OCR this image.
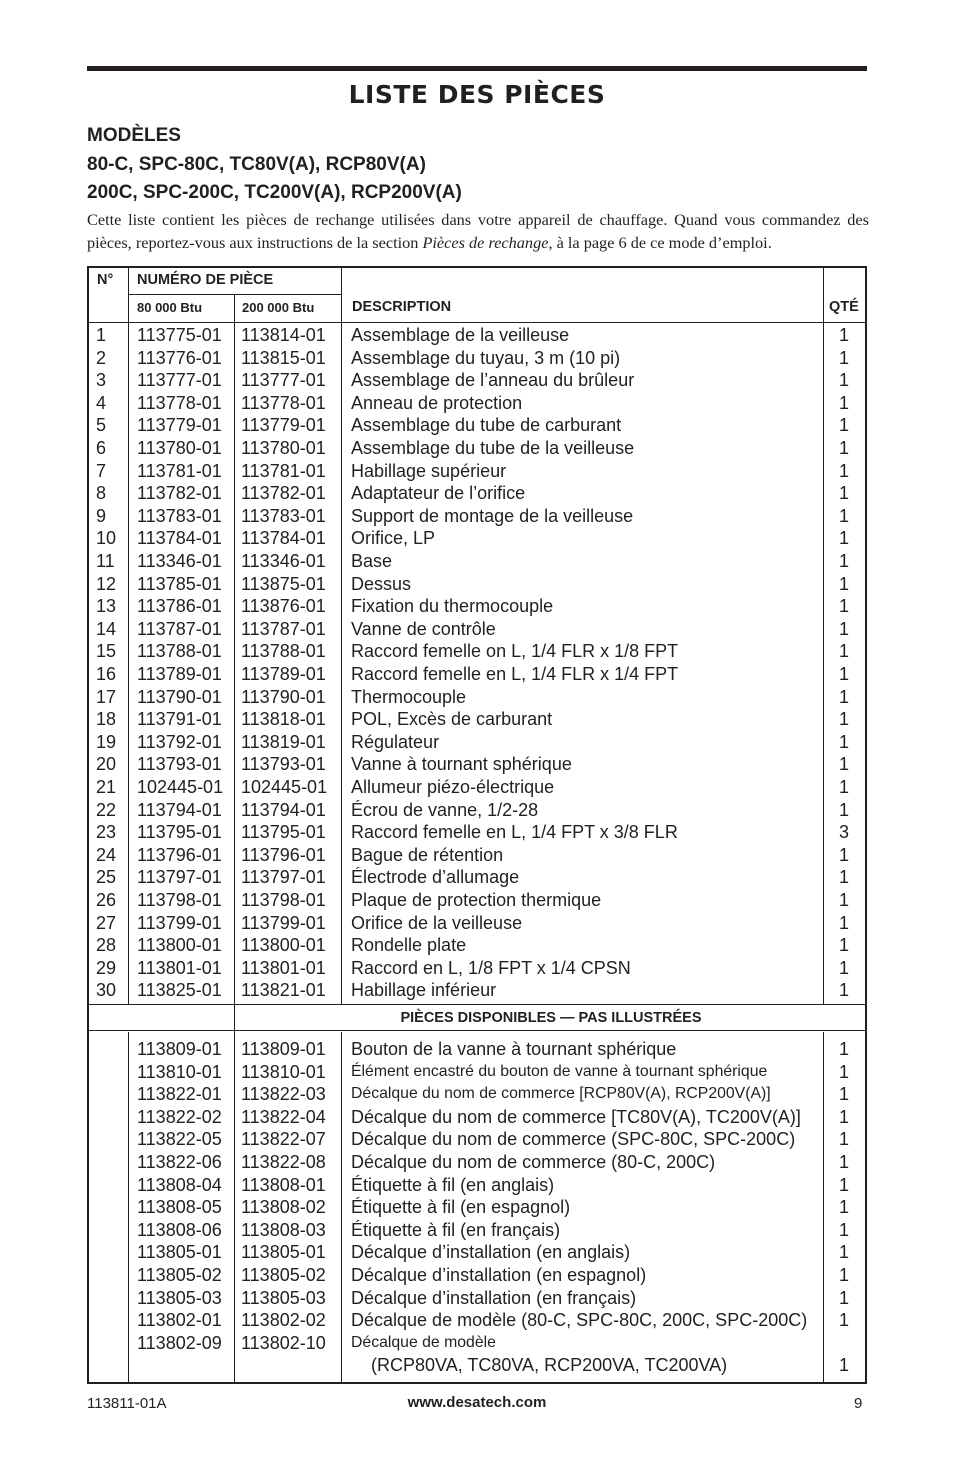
LISTE DES PIÈCES
MODÈLES
80-C, SPC-80C, TC80V(A), RCP80V(A)
200C, SPC-200C, TC200V(A), RCP200V(A)
Cette liste contient les pièces de rechange utilisées dans votre appareil de chauffage. Quand vous commandez des pièces, reportez-vous aux instructions de la section Pièces de rechange, à la page 6 de ce mode d’emploi.
N° NUMÉRO DE PIÈCE
80 000 Btu	200 000 Btu	DESCRIPTION	QTÉ
1 113775-01 113814-01 Assemblage de la veilleuse	1
2 113776-01 113815-01 Assemblage du tuyau, 3 m (10 pi)	1
3 113777-01 113777-01 Assemblage de l’anneau du brûleur	1
4 113778-01 113778-01 Anneau de protection	1
5 113779-01 113779-01 Assemblage du tube de carburant	1
6 113780-01 113780-01 Assemblage du tube de la veilleuse	1
7 113781-01 113781-01 Habillage supérieur	1
8 113782-01 113782-01 Adaptateur de l’orifice	1
9 113783-01 113783-01 Support de montage de la veilleuse	1
10 113784-01 113784-01 Orifice, LP	1
11 113346-01 113346-01 Base	1
12 113785-01 113875-01 Dessus	1
13 113786-01 113876-01 Fixation du thermocouple	1
14 113787-01 113787-01 Vanne de contrôle	1
15 113788-01 113788-01 Raccord femelle on L, 1/4 FLR x 1/8 FPT	1
16 113789-01 113789-01 Raccord femelle en L, 1/4 FLR x 1/4 FPT	1
17 113790-01 113790-01 Thermocouple	1
18 113791-01 113818-01 POL, Excès de carburant	1
19 113792-01 113819-01 Régulateur	1
20 113793-01 113793-01 Vanne à tournant sphérique	1
21 102445-01 102445-01 Allumeur piézo-électrique	1
22 113794-01 113794-01 Écrou de vanne, 1/2-28	1
23 113795-01 113795-01 Raccord femelle en L, 1/4 FPT x 3/8 FLR	3
24 113796-01 113796-01 Bague de rétention	1
25 113797-01 113797-01 Électrode d’allumage	1
26 113798-01 113798-01 Plaque de protection thermique	1
27 113799-01 113799-01 Orifice de la veilleuse	1
28 113800-01 113800-01 Rondelle plate	1
29 113801-01 113801-01 Raccord en L, 1/8 FPT x 1/4 CPSN	1
30 113825-01 113821-01 Habillage inférieur	1
PIÈCES DISPONIBLES — PAS ILLUSTRÉES
113809-01 113809-01 Bouton de la vanne à tournant sphérique	1
113810-01 113810-01 Élément encastré du bouton de vanne à tournant sphérique	1
113822-01 113822-03 Décalque du nom de commerce [RCP80V(A), RCP200V(A)]	1
113822-02 113822-04 Décalque du nom de commerce [TC80V(A), TC200V(A)] 1
113822-05 113822-07 Décalque du nom de commerce (SPC-80C, SPC-200C) 1
113822-06 113822-08 Décalque du nom de commerce (80-C, 200C)	1
113808-04 113808-01 Étiquette à fil (en anglais)	1
113808-05 113808-02 Étiquette à fil (en espagnol)	1
113808-06 113808-03 Étiquette à fil (en français)	1
113805-01 113805-01 Décalque d’installation (en anglais)	1
113805-02 113805-02 Décalque d’installation (en espagnol)	1
113805-03 113805-03 Décalque d’installation (en français)	1
113802-01 113802-02 Décalque de modèle (80-C, SPC-80C, 200C, SPC-200C) 1
113802-09 113802-10 Décalque de modèle
(RCP80VA, TC80VA, RCP200VA, TC200VA)	1
113811-01A	www.desatech.com	9
